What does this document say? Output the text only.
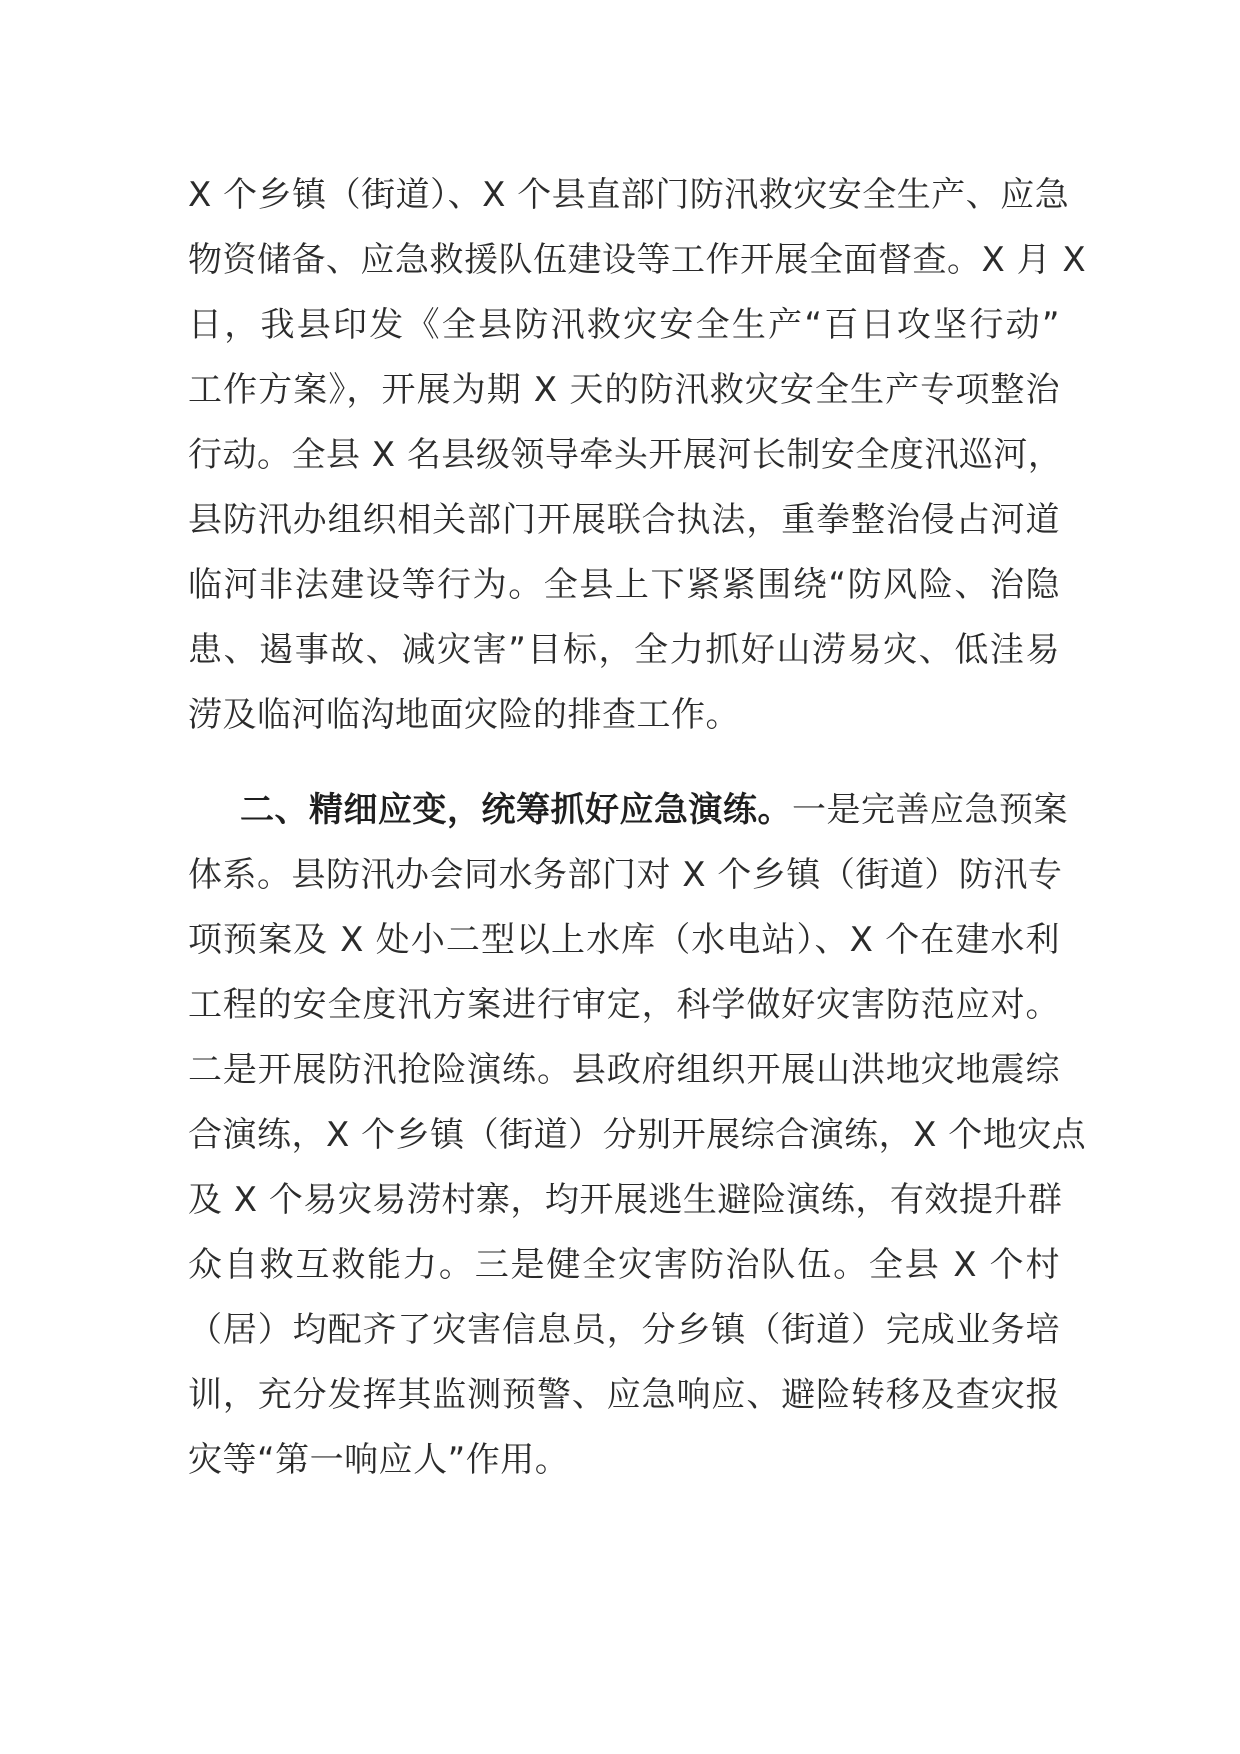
X 个乡镇（街道）、X 个县直部门防汛救灾安全生产、应急
物资储备、应急救援队伍建设等工作开展全面督查。X 月 X
日，我县印发《全县防汛救灾安全生产“百日攻坚行动”
工作方案》，开展为期 X 天的防汛救灾安全生产专项整治
行动。全县 X 名县级领导牵头开展河长制安全度汛巡河，
县防汛办组织相关部门开展联合执法，重拳整治侵占河道
临河非法建设等行为。全县上下紧紧围绕“防风险、治隐
患、遏事故、减灾害”目标，全力抓好山涝易灾、低洼易
涝及临河临沟地面灾险的排查工作。
二、精细应变，统筹抓好应急演练。一是完善应急预案
体系。县防汛办会同水务部门对 X 个乡镇（街道）防汛专
项预案及 X 处小二型以上水库（水电站）、X 个在建水利
工程的安全度汛方案进行审定，科学做好灾害防范应对。
二是开展防汛抢险演练。县政府组织开展山洪地灾地震综
合演练，X 个乡镇（街道）分别开展综合演练，X 个地灾点
及 X 个易灾易涝村寨，均开展逃生避险演练，有效提升群
众自救互救能力。三是健全灾害防治队伍。全县 X 个村
（居）均配齐了灾害信息员，分乡镇（街道）完成业务培
训，充分发挥其监测预警、应急响应、避险转移及查灾报
灾等“第一响应人”作用。
